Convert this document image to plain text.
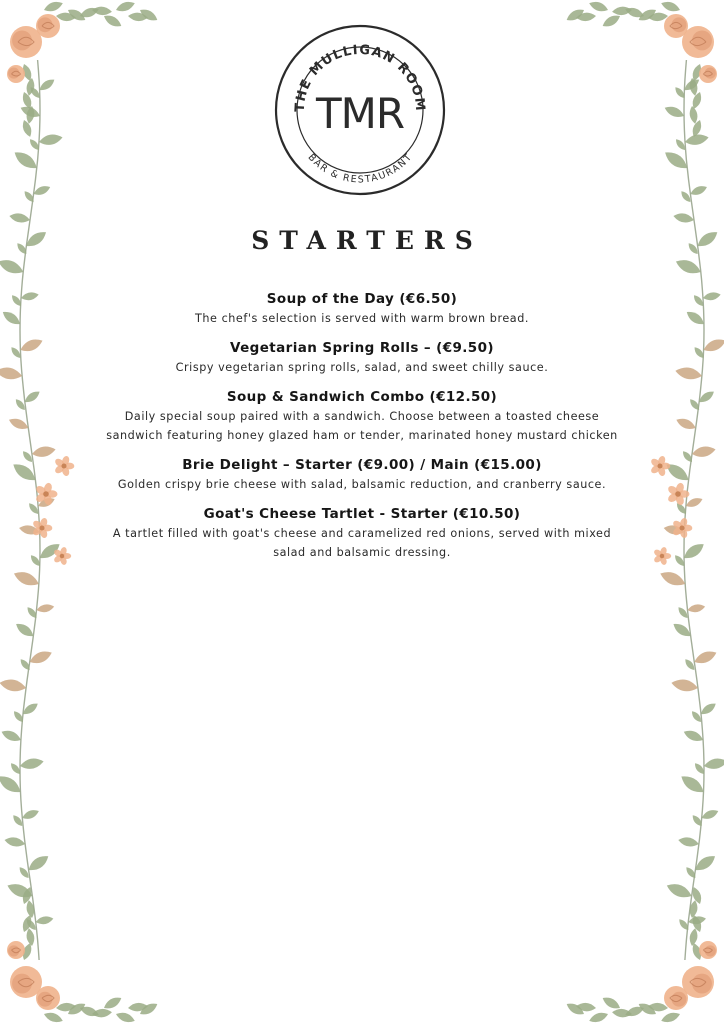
THE MULLIGAN ROOM
TMR
BAR & RESTAURANT
STARTERS
Soup of the Day (€6.50)
The chef's selection is served with warm brown bread.
Vegetarian Spring Rolls – (€9.50)
Crispy vegetarian spring rolls, salad, and sweet chilly sauce.
Soup & Sandwich Combo (€12.50)
Daily special soup paired with a sandwich. Choose between a toasted cheese
sandwich featuring honey glazed ham or tender, marinated honey mustard chicken
Brie Delight – Starter (€9.00) / Main (€15.00)
Golden crispy brie cheese with salad, balsamic reduction, and cranberry sauce.
Goat's Cheese Tartlet - Starter (€10.50)
A tartlet filled with goat's cheese and caramelized red onions, served with mixed
salad and balsamic dressing.
